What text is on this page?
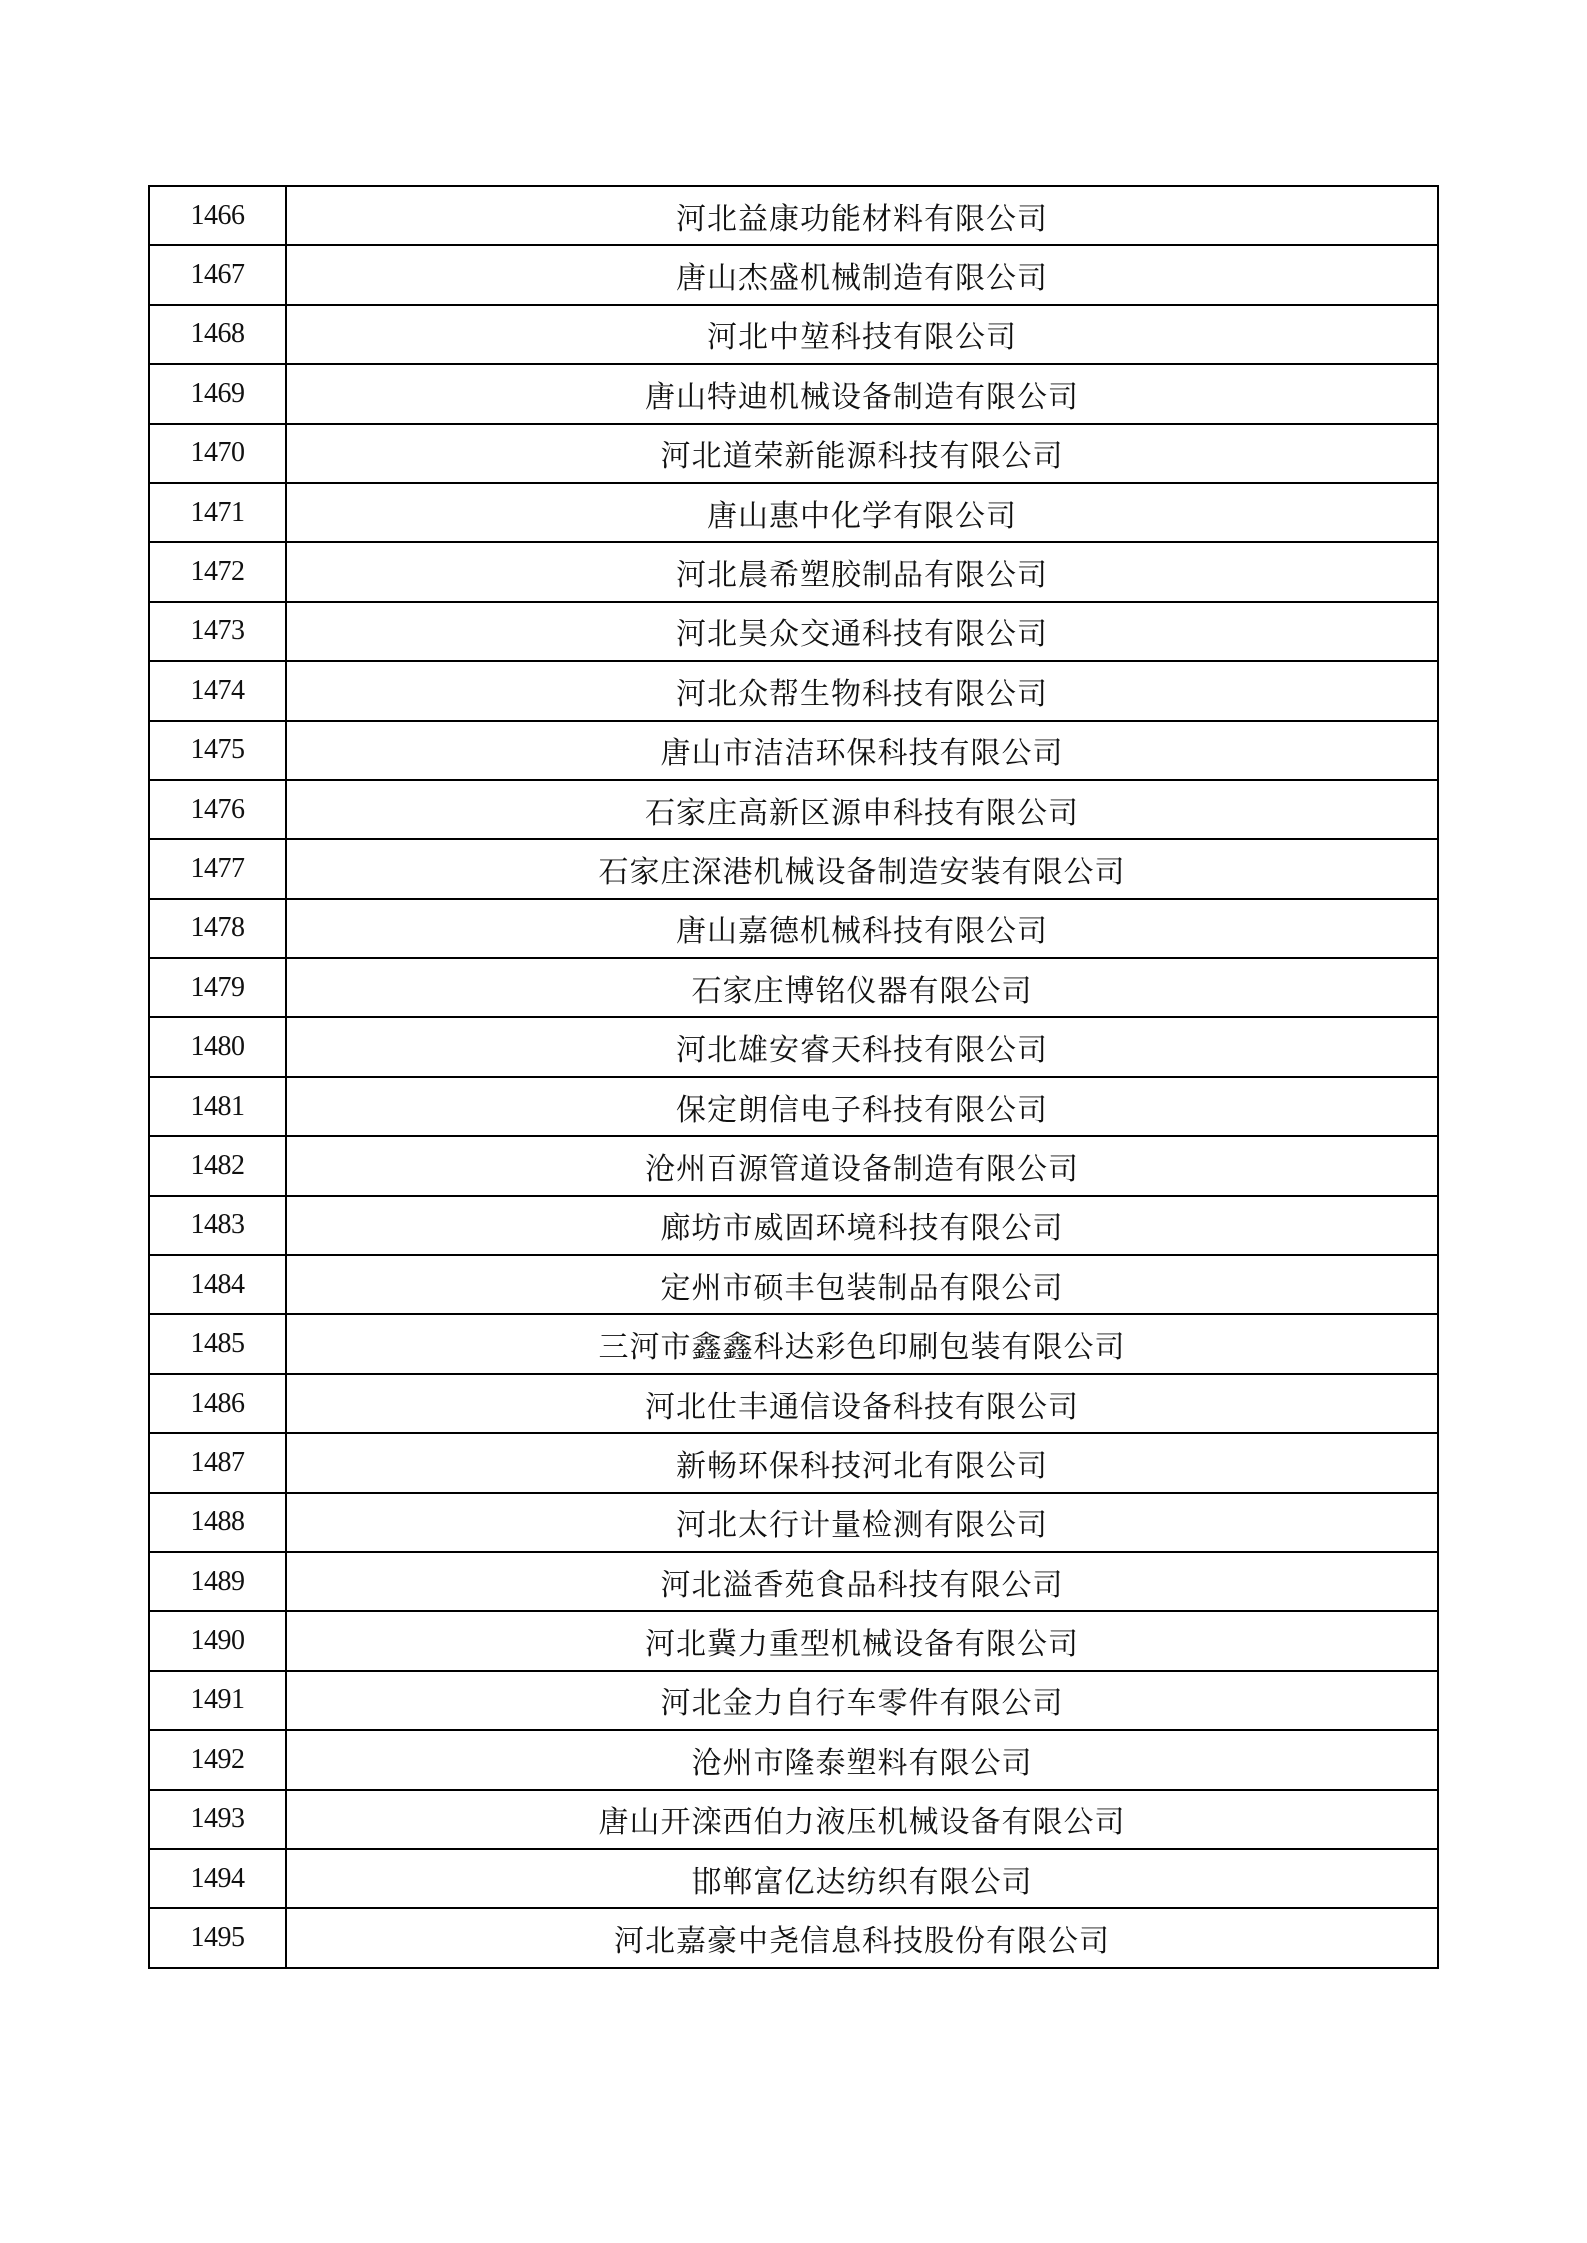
1466	河北益康功能材料有限公司
1467	唐山杰盛机械制造有限公司
1468	河北中堃科技有限公司
1469	唐山特迪机械设备制造有限公司
1470	河北道荣新能源科技有限公司
1471	唐山惠中化学有限公司
1472	河北晨希塑胶制品有限公司
1473	河北昊众交通科技有限公司
1474	河北众帮生物科技有限公司
1475	唐山市洁洁环保科技有限公司
1476	石家庄高新区源申科技有限公司
1477	石家庄深港机械设备制造安装有限公司
1478	唐山嘉德机械科技有限公司
1479	石家庄博铭仪器有限公司
1480	河北雄安睿天科技有限公司
1481	保定朗信电子科技有限公司
1482	沧州百源管道设备制造有限公司
1483	廊坊市威固环境科技有限公司
1484	定州市硕丰包装制品有限公司
1485	三河市鑫鑫科达彩色印刷包装有限公司
1486	河北仕丰通信设备科技有限公司
1487	新畅环保科技河北有限公司
1488	河北太行计量检测有限公司
1489	河北溢香苑食品科技有限公司
1490	河北冀力重型机械设备有限公司
1491	河北金力自行车零件有限公司
1492	沧州市隆泰塑料有限公司
1493	唐山开滦西伯力液压机械设备有限公司
1494	邯郸富亿达纺织有限公司
1495	河北嘉豪中尧信息科技股份有限公司
